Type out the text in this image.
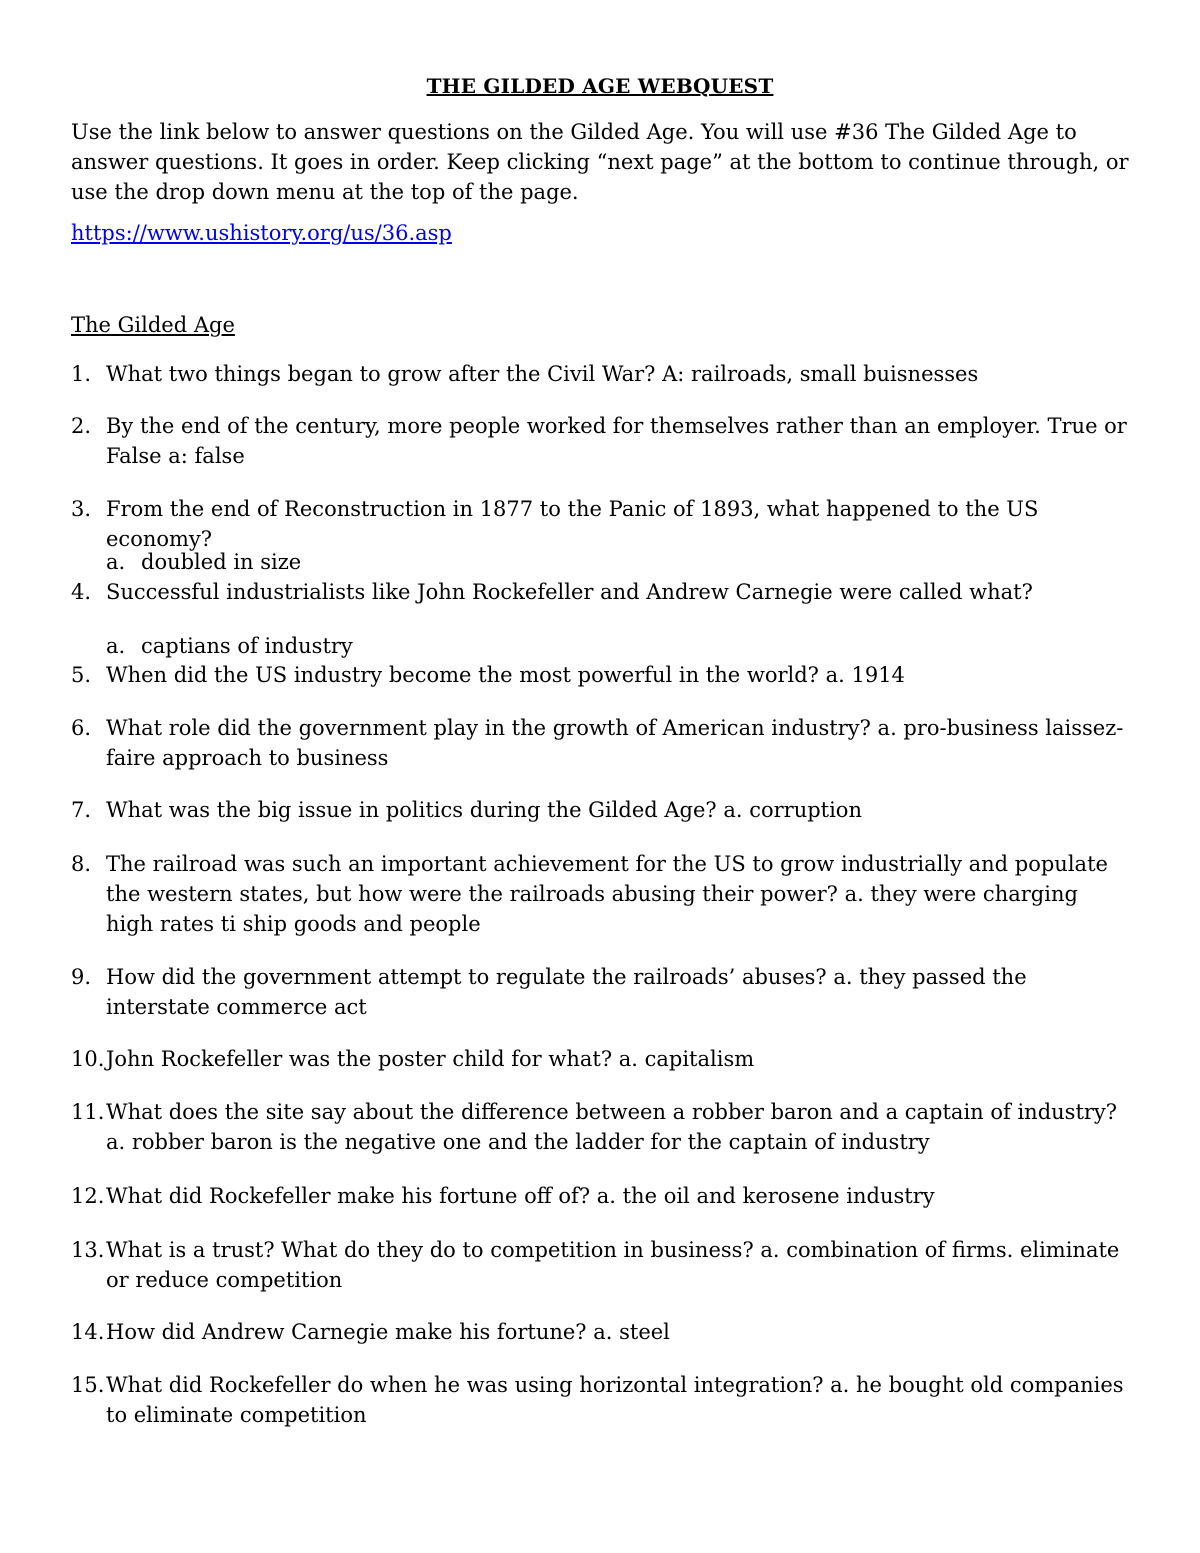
THE GILDED AGE WEBQUEST
Use the link below to answer questions on the Gilded Age. You will use #36 The Gilded Age to answer questions. It goes in order. Keep clicking “next page” at the bottom to continue through, or use the drop down menu at the top of the page.
https://www.ushistory.org/us/36.asp
The Gilded Age
1. What two things began to grow after the Civil War? A: railroads, small buisnesses
2. By the end of the century, more people worked for themselves rather than an employer. True or False a: false
3. From the end of Reconstruction in 1877 to the Panic of 1893, what happened to the US economy?
a. doubled in size
4. Successful industrialists like John Rockefeller and Andrew Carnegie were called what?
a. captians of industry
5. When did the US industry become the most powerful in the world? a. 1914
6. What role did the government play in the growth of American industry? a. pro-business laissez-faire approach to business
7. What was the big issue in politics during the Gilded Age? a. corruption
8. The railroad was such an important achievement for the US to grow industrially and populate the western states, but how were the railroads abusing their power? a. they were charging high rates ti ship goods and people
9. How did the government attempt to regulate the railroads’ abuses? a. they passed the interstate commerce act
10. John Rockefeller was the poster child for what? a. capitalism
11. What does the site say about the difference between a robber baron and a captain of industry? a. robber baron is the negative one and the ladder for the captain of industry
12. What did Rockefeller make his fortune off of? a. the oil and kerosene industry
13. What is a trust? What do they do to competition in business? a. combination of firms. eliminate or reduce competition
14. How did Andrew Carnegie make his fortune? a. steel
15. What did Rockefeller do when he was using horizontal integration? a. he bought old companies to eliminate competition
